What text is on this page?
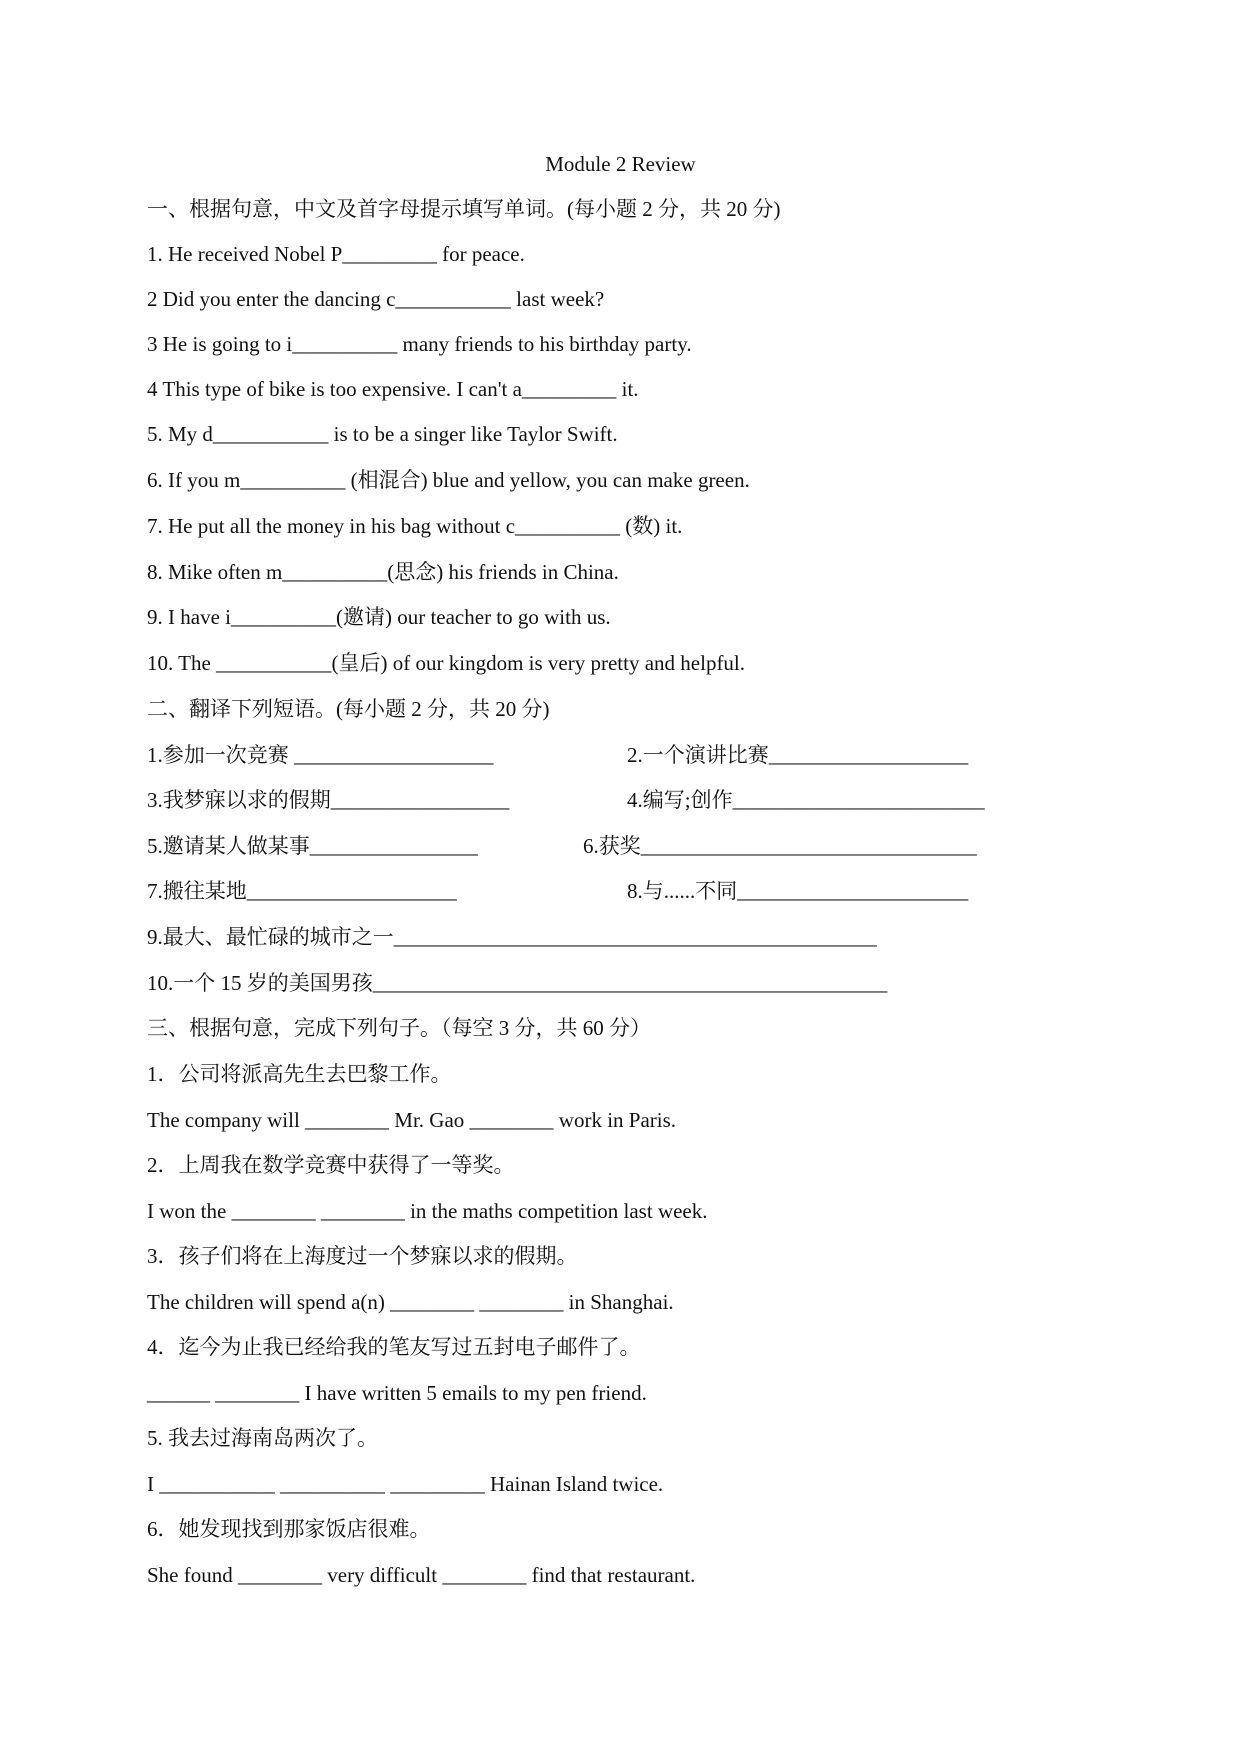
Module 2 Review
一、根据句意，中文及首字母提示填写单词。(每小题 2 分，共 20 分)
1. He received Nobel P_________ for peace.
2 Did you enter the dancing c___________ last week?
3 He is going to i__________ many friends to his birthday party.
4 This type of bike is too expensive. I can't a_________ it.
5. My d___________ is to be a singer like Taylor Swift.
6. If you m__________ (相混合) blue and yellow, you can make green.
7. He put all the money in his bag without c__________ (数) it.
8. Mike often m__________(思念) his friends in China.
9. I have i__________(邀请) our teacher to go with us.
10. The ___________(皇后) of our kingdom is very pretty and helpful.
二、翻译下列短语。(每小题 2 分，共 20 分)
1.参加一次竞赛 ___________________	2.一个演讲比赛___________________
3.我梦寐以求的假期_________________	4.编写;创作________________________
5.邀请某人做某事________________	6.获奖________________________________
7.搬往某地____________________	8.与......不同______________________
9.最大、最忙碌的城市之一______________________________________________
10.一个 15 岁的美国男孩_________________________________________________
三、根据句意，完成下列句子。（每空 3 分，共 60 分）
1．公司将派高先生去巴黎工作。
The company will ________ Mr. Gao ________ work in Paris.
2．上周我在数学竞赛中获得了一等奖。
I won the ________ ________ in the maths competition last week.
3．孩子们将在上海度过一个梦寐以求的假期。
The children will spend a(n) ________ ________ in Shanghai.
4．迄今为止我已经给我的笔友写过五封电子邮件了。
______ ________ I have written 5 emails to my pen friend.
5. 我去过海南岛两次了。
I ___________ __________ _________ Hainan Island twice.
6．她发现找到那家饭店很难。
She found ________ very difficult ________ find that restaurant.
